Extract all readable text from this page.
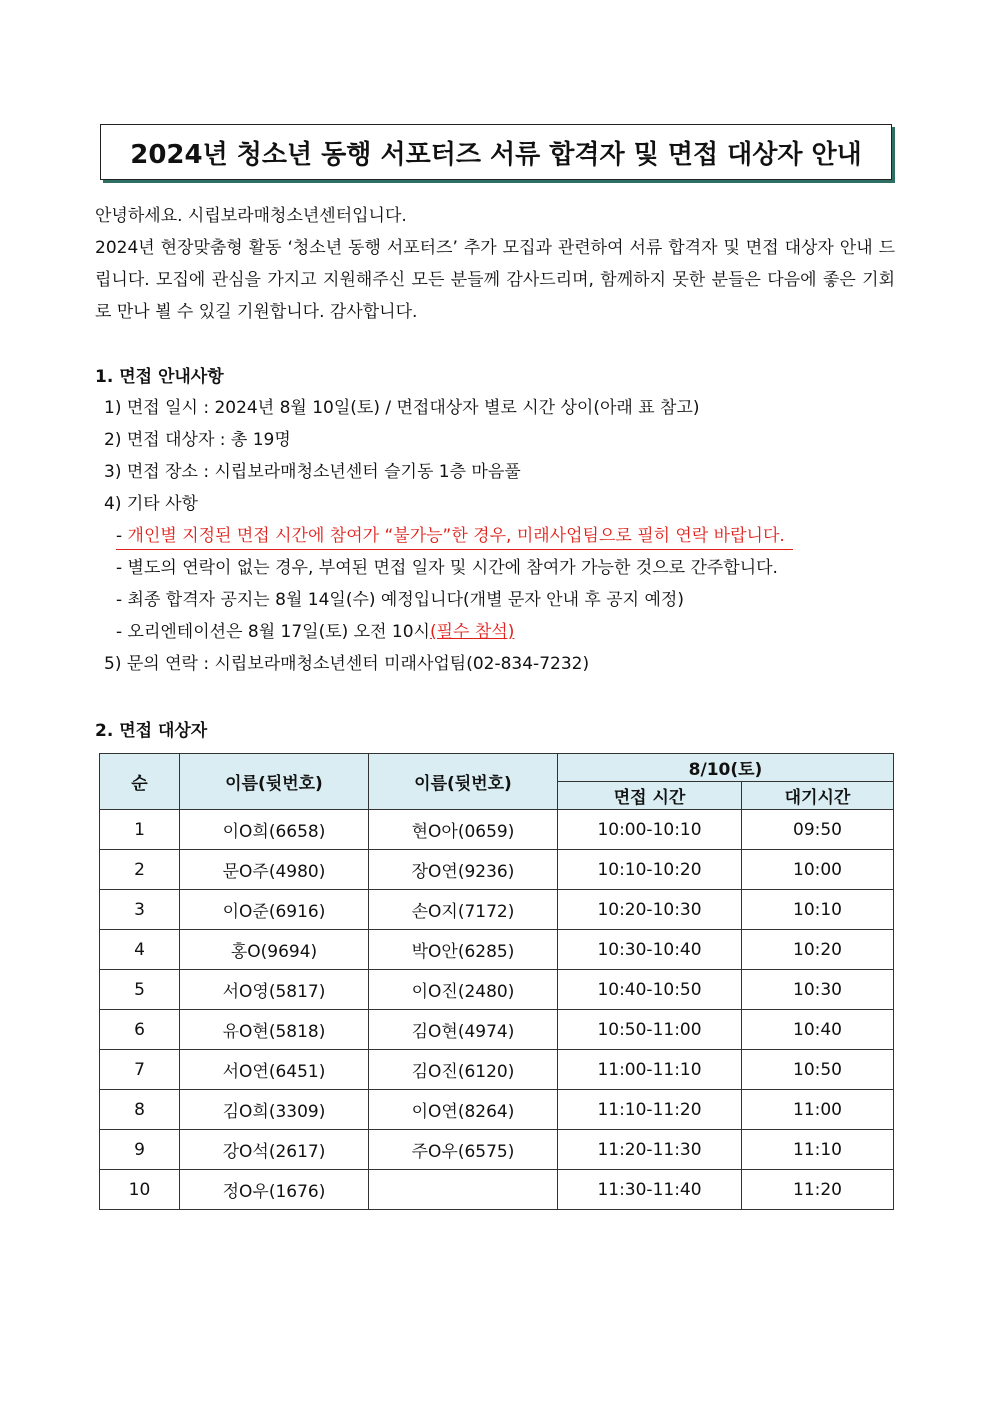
2024년 청소년 동행 서포터즈 서류 합격자 및 면접 대상자 안내

안녕하세요. 시립보라매청소년센터입니다.

2024년 현장맞춤형 활동 ‘청소년 동행 서포터즈’ 추가 모집과 관련하여 서류 합격자 및 면접 대상자 안내 드립니다. 모집에 관심을 가지고 지원해주신 모든 분들께 감사드리며, 함께하지 못한 분들은 다음에 좋은 기회로 만나 뵐 수 있길 기원합니다. 감사합니다.

1. 면접 안내사항
1) 면접 일시 : 2024년 8월 10일(토) / 면접대상자 별로 시간 상이(아래 표 참고)
2) 면접 대상자 : 총 19명
3) 면접 장소 : 시립보라매청소년센터 슬기동 1층 마음풀
4) 기타 사항
- 개인별 지정된 면접 시간에 참여가 “불가능”한 경우, 미래사업팀으로 필히 연락 바랍니다.
- 별도의 연락이 없는 경우, 부여된 면접 일자 및 시간에 참여가 가능한 것으로 간주합니다.
- 최종 합격자 공지는 8월 14일(수) 예정입니다(개별 문자 안내 후 공지 예정)
- 오리엔테이션은 8월 17일(토) 오전 10시(필수 참석)
5) 문의 연락 : 시립보라매청소년센터 미래사업팀(02-834-7232)
2. 면접 대상자
순	이름(뒷번호)	이름(뒷번호)	8/10(토)	
			면접 시간	대기시간
1	이O희(6658)	현O아(0659)	10:00-10:10	09:50
2	문O주(4980)	장O연(9236)	10:10-10:20	10:00
3	이O준(6916)	손O지(7172)	10:20-10:30	10:10
4	홍O(9694)	박O안(6285)	10:30-10:40	10:20
5	서O영(5817)	이O진(2480)	10:40-10:50	10:30
6	유O현(5818)	김O현(4974)	10:50-11:00	10:40
7	서O연(6451)	김O진(6120)	11:00-11:10	10:50
8	김O희(3309)	이O연(8264)	11:10-11:20	11:00
9	강O석(2617)	주O우(6575)	11:20-11:30	11:10
10	정O우(1676)		11:30-11:40	11:20
